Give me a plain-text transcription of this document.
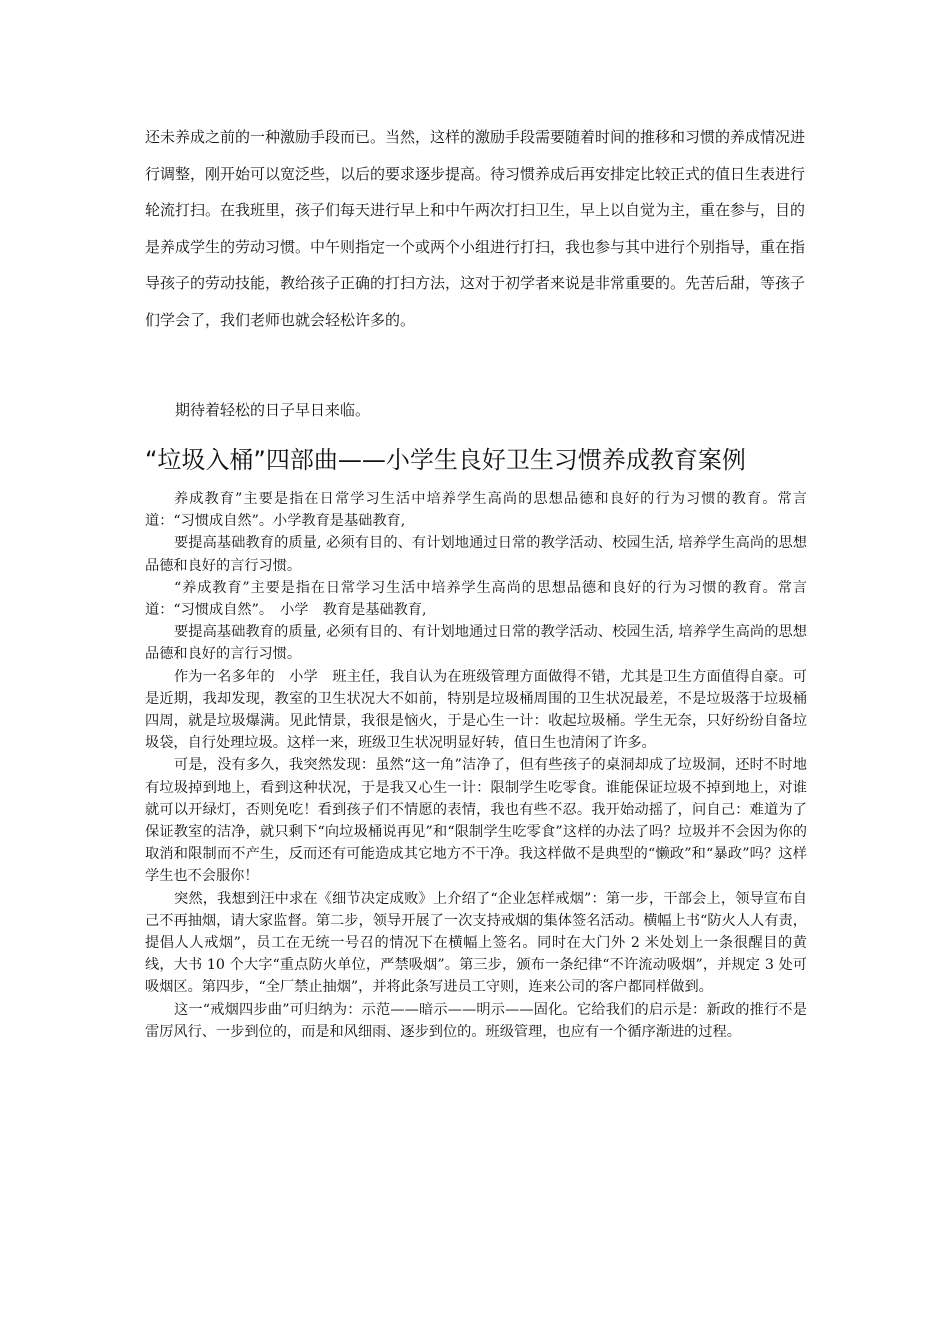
还未养成之前的一种激励手段而已。当然，这样的激励手段需要随着时间的推移和习惯的养成情况进行调整，刚开始可以宽泛些，以后的要求逐步提高。待习惯养成后再安排定比较正式的值日生表进行轮流打扫。在我班里，孩子们每天进行早上和中午两次打扫卫生，早上以自觉为主，重在参与，目的是养成学生的劳动习惯。中午则指定一个或两个小组进行打扫，我也参与其中进行个别指导，重在指导孩子的劳动技能，教给孩子正确的打扫方法，这对于初学者来说是非常重要的。先苦后甜，等孩子们学会了，我们老师也就会轻松许多的。

期待着轻松的日子早日来临。

“垃圾入桶”四部曲——小学生良好卫生习惯养成教育案例

养成教育”主要是指在日常学习生活中培养学生高尚的思想品德和良好的行为习惯的教育。常言道：“习惯成自然”。小学教育是基础教育,

要提高基础教育的质量, 必须有目的、有计划地通过日常的教学活动、校园生活, 培养学生高尚的思想品德和良好的言行习惯。

“养成教育”主要是指在日常学习生活中培养学生高尚的思想品德和良好的行为习惯的教育。常言道：“习惯成自然”。　小学　教育是基础教育,

要提高基础教育的质量, 必须有目的、有计划地通过日常的教学活动、校园生活, 培养学生高尚的思想品德和良好的言行习惯。

作为一名多年的　小学　班主任，我自认为在班级管理方面做得不错，尤其是卫生方面值得自豪。可是近期，我却发现，教室的卫生状况大不如前，特别是垃圾桶周围的卫生状况最差，不是垃圾落于垃圾桶四周，就是垃圾爆满。见此情景，我很是恼火，于是心生一计：收起垃圾桶。学生无奈，只好纷纷自备垃圾袋，自行处理垃圾。这样一来，班级卫生状况明显好转，值日生也清闲了许多。

可是，没有多久，我突然发现：虽然“这一角”洁净了，但有些孩子的桌洞却成了垃圾洞，还时不时地有垃圾掉到地上，看到这种状况，于是我又心生一计：限制学生吃零食。谁能保证垃圾不掉到地上，对谁就可以开绿灯，否则免吃！看到孩子们不情愿的表情，我也有些不忍。我开始动摇了，问自己：难道为了保证教室的洁净，就只剩下“向垃圾桶说再见”和“限制学生吃零食”这样的办法了吗？垃圾并不会因为你的取消和限制而不产生，反而还有可能造成其它地方不干净。我这样做不是典型的“懒政”和“暴政”吗？这样学生也不会服你！

突然，我想到汪中求在《细节决定成败》上介绍了“企业怎样戒烟”：第一步，干部会上，领导宣布自己不再抽烟，请大家监督。第二步，领导开展了一次支持戒烟的集体签名活动。横幅上书“防火人人有责，提倡人人戒烟”，员工在无统一号召的情况下在横幅上签名。同时在大门外 2 米处划上一条很醒目的黄线，大书 10 个大字“重点防火单位，严禁吸烟”。第三步，颁布一条纪律“不许流动吸烟”，并规定 3 处可吸烟区。第四步，“全厂禁止抽烟”，并将此条写进员工守则，连来公司的客户都同样做到。

这一“戒烟四步曲”可归纳为：示范——暗示——明示——固化。它给我们的启示是：新政的推行不是雷厉风行、一步到位的，而是和风细雨、逐步到位的。班级管理，也应有一个循序渐进的过程。
